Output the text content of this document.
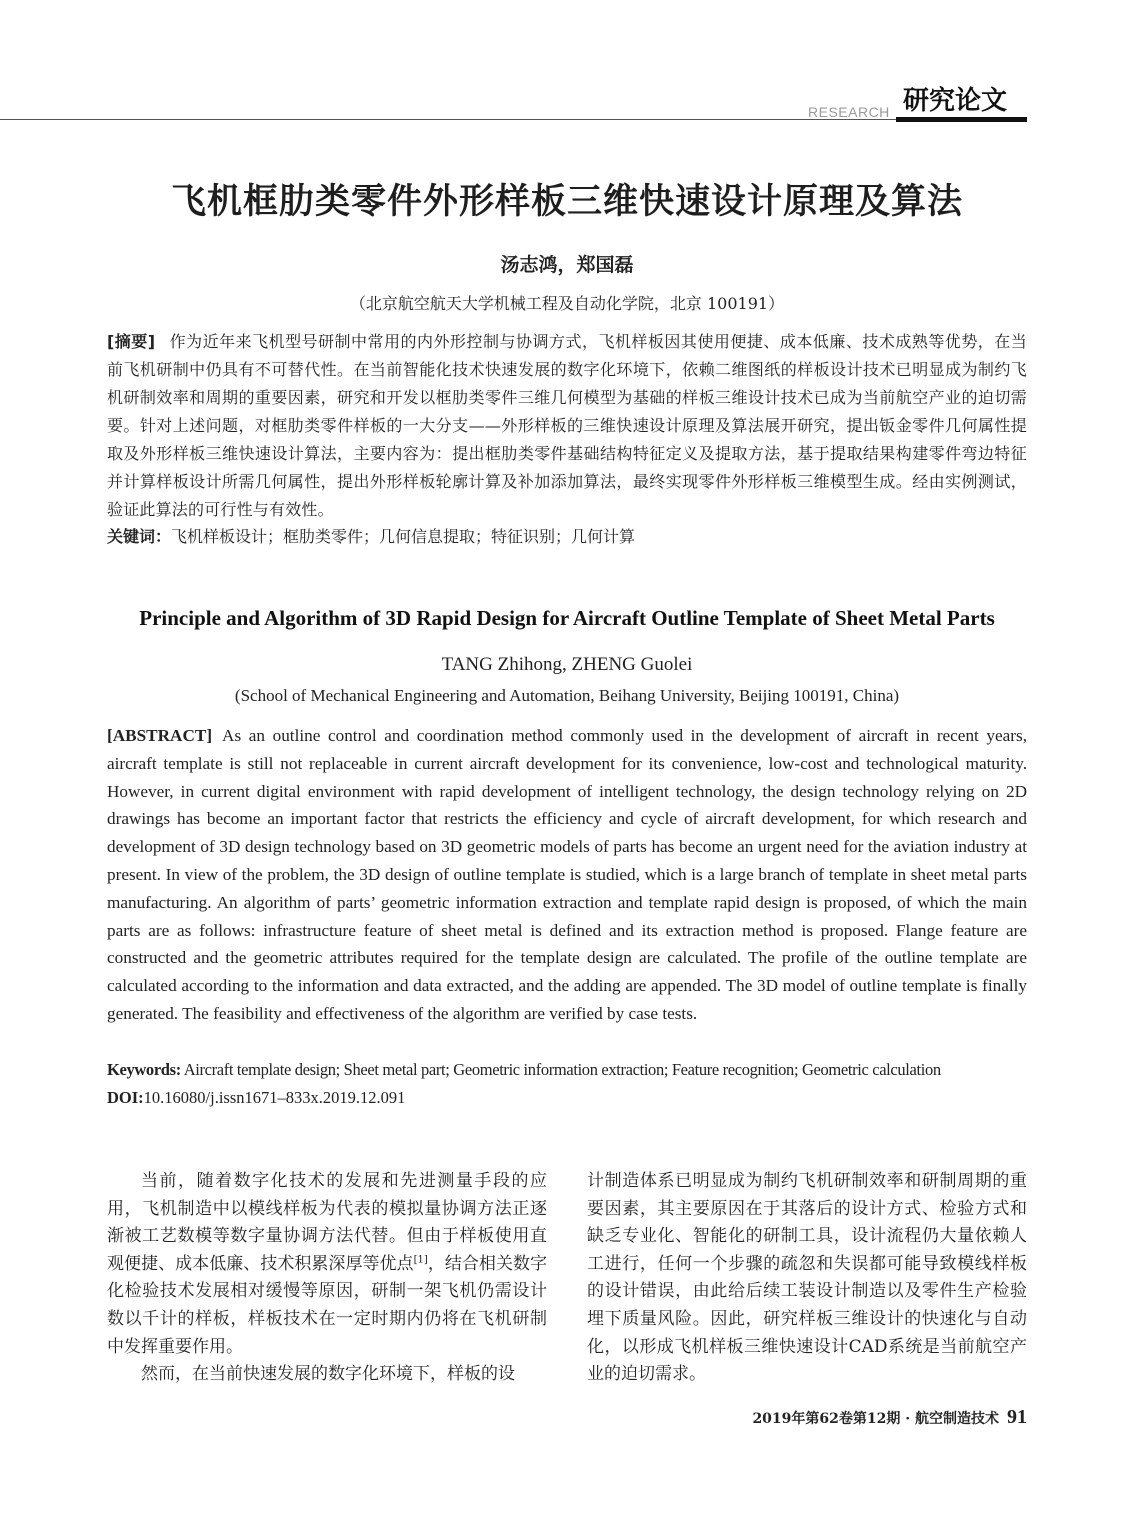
RESEARCH 研究论文
飞机框肋类零件外形样板三维快速设计原理及算法
汤志鸿，郑国磊
（北京航空航天大学机械工程及自动化学院，北京 100191）
[摘要] 作为近年来飞机型号研制中常用的内外形控制与协调方式，飞机样板因其使用便捷、成本低廉、技术成熟等优势，在当前飞机研制中仍具有不可替代性。在当前智能化技术快速发展的数字化环境下，依赖二维图纸的样板设计技术已明显成为制约飞机研制效率和周期的重要因素，研究和开发以框肋类零件三维几何模型为基础的样板三维设计技术已成为当前航空产业的迫切需要。针对上述问题，对框肋类零件样板的一大分支——外形样板的三维快速设计原理及算法展开研究，提出钣金零件几何属性提取及外形样板三维快速设计算法，主要内容为：提出框肋类零件基础结构特征定义及提取方法，基于提取结果构建零件弯边特征并计算样板设计所需几何属性，提出外形样板轮廓计算及补加添加算法，最终实现零件外形样板三维模型生成。经由实例测试，验证此算法的可行性与有效性。
关键词：飞机样板设计；框肋类零件；几何信息提取；特征识别；几何计算
Principle and Algorithm of 3D Rapid Design for Aircraft Outline Template of Sheet Metal Parts
TANG Zhihong, ZHENG Guolei
(School of Mechanical Engineering and Automation, Beihang University, Beijing 100191, China)
[ABSTRACT] As an outline control and coordination method commonly used in the development of aircraft in recent years, aircraft template is still not replaceable in current aircraft development for its convenience, low-cost and technological maturity. However, in current digital environment with rapid development of intelligent technology, the design technology relying on 2D drawings has become an important factor that restricts the efficiency and cycle of aircraft development, for which research and development of 3D design technology based on 3D geometric models of parts has become an urgent need for the aviation industry at present. In view of the problem, the 3D design of outline template is studied, which is a large branch of template in sheet metal parts manufacturing. An algorithm of parts’ geometric information extraction and template rapid design is proposed, of which the main parts are as follows: infrastructure feature of sheet metal is defined and its extraction method is proposed. Flange feature are constructed and the geometric attributes required for the template design are calculated. The profile of the outline template are calculated according to the information and data extracted, and the adding are appended. The 3D model of outline template is finally generated. The feasibility and effectiveness of the algorithm are verified by case tests.
Keywords: Aircraft template design; Sheet metal part; Geometric information extraction; Feature recognition; Geometric calculation
DOI:10.16080/j.issn1671–833x.2019.12.091

当前，随着数字化技术的发展和先进测量手段的应用，飞机制造中以模线样板为代表的模拟量协调方法正逐渐被工艺数模等数字量协调方法代替。但由于样板使用直观便捷、成本低廉、技术积累深厚等优点[1]，结合相关数字化检验技术发展相对缓慢等原因，研制一架飞机仍需设计数以千计的样板，样板技术在一定时期内仍将在飞机研制中发挥重要作用。

然而，在当前快速发展的数字化环境下，样板的设

计制造体系已明显成为制约飞机研制效率和研制周期的重要因素，其主要原因在于其落后的设计方式、检验方式和缺乏专业化、智能化的研制工具，设计流程仍大量依赖人工进行，任何一个步骤的疏忽和失误都可能导致模线样板的设计错误，由此给后续工装设计制造以及零件生产检验埋下质量风险。因此，研究样板三维设计的快速化与自动化，以形成飞机样板三维快速设计CAD系统是当前航空产业的迫切需求。

2019年第62卷第12期 · 航空制造技术 91
